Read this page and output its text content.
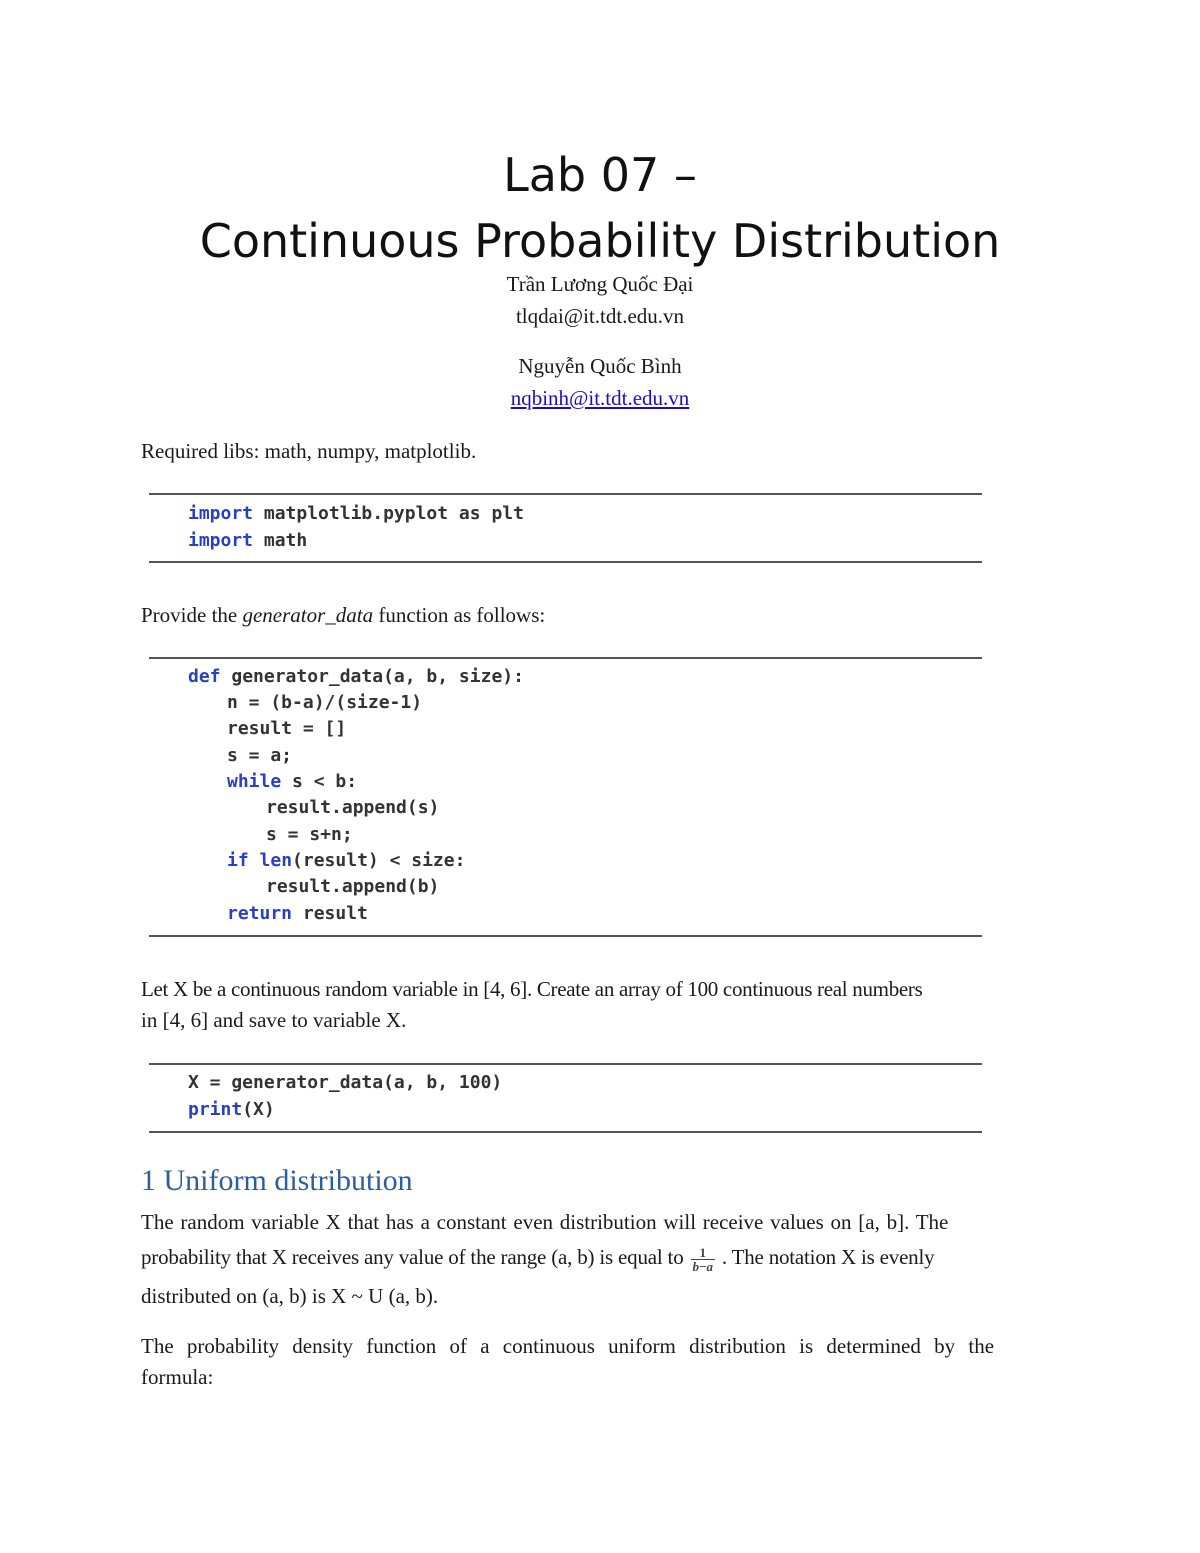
Lab 07 –
Continuous Probability Distribution
Trần Lương Quốc Đại
tlqdai@it.tdt.edu.vn
Nguyễn Quốc Bình
nqbinh@it.tdt.edu.vn

Required libs: math, numpy, matplotlib.

import matplotlib.pyplot as plt
import math

Provide the generator_data function as follows:

def generator_data(a, b, size):
n = (b-a)/(size-1)
result = []
s = a;
while s < b:
result.append(s)
s = s+n;
if len(result) < size:
result.append(b)
return result

Let X be a continuous random variable in [4, 6]. Create an array of 100 continuous real numbers

in [4, 6] and save to variable X.

X = generator_data(a, b, 100)
print(X)
1 Uniform distribution

The random variable X that has a constant even distribution will receive values on [a, b]. The

probability that X receives any value of the range (a, b) is equal to $\frac{1}{b-a}$ . The notation X is evenly

distributed on (a, b) is X ~ U (a, b).

The probability density function of a continuous uniform distribution is determined by the

formula:
